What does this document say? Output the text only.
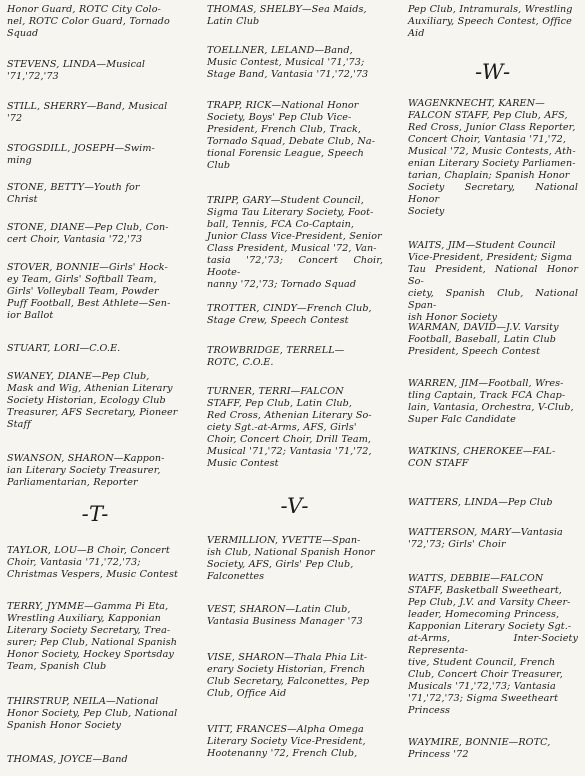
Honor Guard, ROTC City Colo-
nel, ROTC Color Guard, Tornado
Squad
STEVENS, LINDA—Musical
'71,'72,'73
STILL, SHERRY—Band, Musical
'72
STOGSDILL, JOSEPH—Swim-
ming
STONE, BETTY—Youth for
Christ
STONE, DIANE—Pep Club, Con-
cert Choir, Vantasia '72,'73
STOVER, BONNIE—Girls' Hock-
ey Team, Girls' Softball Team,
Girls' Volleyball Team, Powder
Puff Football, Best Athlete—Sen-
ior Ballot
STUART, LORI—C.O.E.
SWANEY, DIANE—Pep Club,
Mask and Wig, Athenian Literary
Society Historian, Ecology Club
Treasurer, AFS Secretary, Pioneer
Staff
SWANSON, SHARON—Kappon-
ian Literary Society Treasurer,
Parliamentarian, Reporter
-T-
TAYLOR, LOU—B Choir, Concert
Choir, Vantasia '71,'72,'73;
Christmas Vespers, Music Contest
TERRY, JYMME—Gamma Pi Eta,
Wrestling Auxiliary, Kapponian
Literary Society Secretary, Trea-
surer; Pep Club, National Spanish
Honor Society, Hockey Sportsday
Team, Spanish Club
THIRSTRUP, NEILA—National
Honor Society, Pep Club, National
Spanish Honor Society
THOMAS, JOYCE—Band
THOMAS, SHELBY—Sea Maids,
Latin Club
TOELLNER, LELAND—Band,
Music Contest, Musical '71,'73;
Stage Band, Vantasia '71,'72,'73
TRAPP, RICK—National Honor
Society, Boys' Pep Club Vice-
President, French Club, Track,
Tornado Squad, Debate Club, Na-
tional Forensic League, Speech
Club
TRIPP, GARY—Student Council,
Sigma Tau Literary Society, Foot-
ball, Tennis, FCA Co-Captain,
Junior Class Vice-President, Senior
Class President, Musical '72, Van-
tasia '72,'73; Concert Choir, Hoote-
nanny '72,'73; Tornado Squad
TROTTER, CINDY—French Club,
Stage Crew, Speech Contest
TROWBRIDGE, TERRELL—
ROTC, C.O.E.
TURNER, TERRI—FALCON
STAFF, Pep Club, Latin Club,
Red Cross, Athenian Literary So-
ciety Sgt.-at-Arms, AFS, Girls'
Choir, Concert Choir, Drill Team,
Musical '71,'72; Vantasia '71,'72,
Music Contest
-V-
VERMILLION, YVETTE—Span-
ish Club, National Spanish Honor
Society, AFS, Girls' Pep Club,
Falconettes
VEST, SHARON—Latin Club,
Vantasia Business Manager '73
VISE, SHARON—Thala Phia Lit-
erary Society Historian, French
Club Secretary, Falconettes, Pep
Club, Office Aid
VITT, FRANCES—Alpha Omega
Literary Society Vice-President,
Hootenanny '72, French Club,
Pep Club, Intramurals, Wrestling
Auxiliary, Speech Contest, Office
Aid
-W-
WAGENKNECHT, KAREN—
FALCON STAFF, Pep Club, AFS,
Red Cross, Junior Class Reporter,
Concert Choir, Vantasia '71,'72,
Musical '72, Music Contests, Ath-
enian Literary Society Parliamen-
tarian, Chaplain; Spanish Honor
Society Secretary, National Honor
Society
WAITS, JIM—Student Council
Vice-President, President; Sigma
Tau President, National Honor So-
ciety, Spanish Club, National Span-
ish Honor Society
WARMAN, DAVID—J.V. Varsity
Football, Baseball, Latin Club
President, Speech Contest
WARREN, JIM—Football, Wres-
tling Captain, Track FCA Chap-
lain, Vantasia, Orchestra, V-Club,
Super Falc Candidate
WATKINS, CHEROKEE—FAL-
CON STAFF
WATTERS, LINDA—Pep Club
WATTERSON, MARY—Vantasia
'72,'73; Girls' Choir
WATTS, DEBBIE—FALCON
STAFF, Basketball Sweetheart,
Pep Club, J.V. and Varsity Cheer-
leader, Homecoming Princess,
Kapponian Literary Society Sgt.-
at-Arms, Inter-Society Representa-
tive, Student Council, French
Club, Concert Choir Treasurer,
Musicals '71,'72,'73; Vantasia
'71,'72,'73; Sigma Sweetheart
Princess
WAYMIRE, BONNIE—ROTC,
Princess '72
